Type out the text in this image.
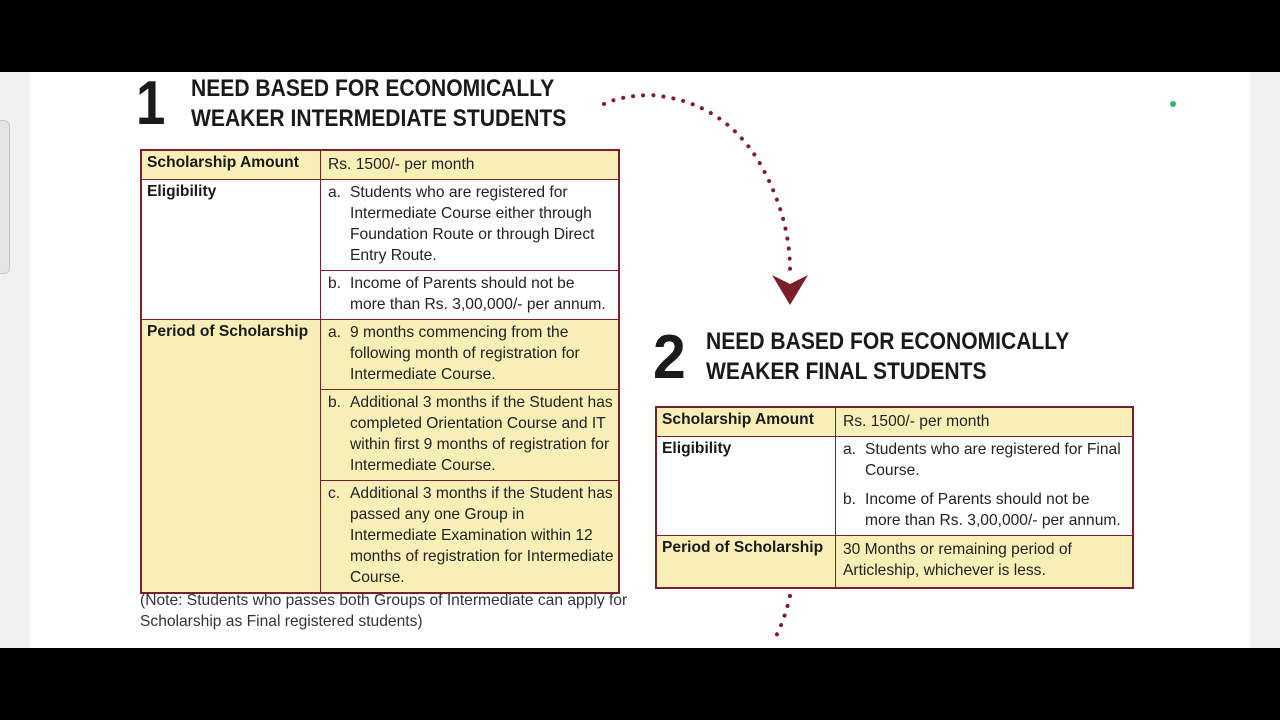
1 NEED BASED FOR ECONOMICALLY
WEAKER INTERMEDIATE STUDENTS
Scholarship Amount	Rs. 1500/- per month
Eligibility	a. Students who are registered for Intermediate Course either through Foundation Route or through Direct Entry Route.

	b. Income of Parents should not be more than Rs. 3,00,000/- per annum.

Period of Scholarship	a. 9 months commencing from the following month of registration for Intermediate Course.

	b. Additional 3 months if the Student has completed Orientation Course and IT within first 9 months of registration for Intermediate Course.

	c. Additional 3 months if the Student has passed any one Group in Intermediate Examination within 12 months of registration for Intermediate Course.
(Note: Students who passes both Groups of Intermediate can apply for Scholarship as Final registered students)
2 NEED BASED FOR ECONOMICALLY
WEAKER FINAL STUDENTS
Scholarship Amount	Rs. 1500/- per month
Eligibility	a. Students who are registered for Final Course.
b. Income of Parents should not be more than Rs. 3,00,000/- per annum.

Period of Scholarship	30 Months or remaining period of Articleship, whichever is less.
